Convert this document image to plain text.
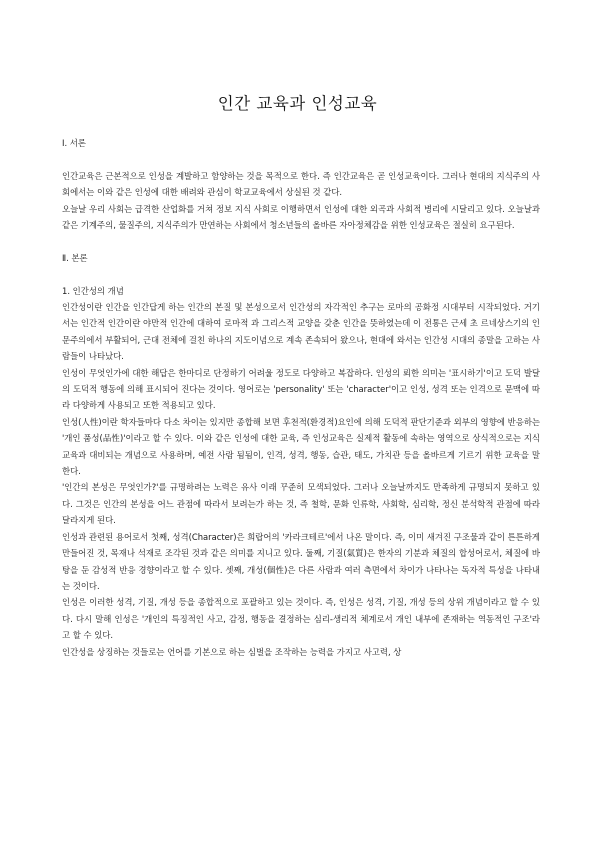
인간 교육과 인성교육

Ⅰ. 서론

인간교육은 근본적으로 인성을 계발하고 함양하는 것을 목적으로 한다. 즉 인간교육은 곧 인성교육이다. 그러나 현대의 지식주의 사회에서는 이와 같은 인성에 대한 배려와 관심이 학교교육에서 상실된 것 같다.

오늘날 우리 사회는 급격한 산업화를 거쳐 정보 지식 사회로 이행하면서 인성에 대한 외곡과 사회적 병리에 시달리고 있다. 오늘날과 같은 기계주의, 물질주의, 지식주의가 만연하는 사회에서 청소년들의 올바른 자아정체감을 위한 인성교육은 절실히 요구된다.

Ⅱ. 본론

1. 인간성의 개념

인간성이란 인간을 인간답게 하는 인간의 본질 및 본성으로서 인간성의 자각적인 추구는 로마의 공화정 시대부터 시작되었다. 거기서는 인간적 인간이란 야만적 인간에 대하여 로마적 과 그리스적 교양을 갖춘 인간을 뜻하였는데 이 전통은 근세 초 르네상스기의 인문주의에서 부활되어, 근대 전체에 걸친 하나의 지도이념으로 계속 존속되어 왔으나, 현대에 와서는 인간성 시대의 종말을 고하는 사람들이 나타났다.

인성이 무엇인가에 대한 해답은 한마디로 단정하기 어려울 정도로 다양하고 복잡하다. 인성의 뢰한 의미는 '표시하기'이고 도덕 발달의 도덕적 행동에 의해 표시되어 진다는 것이다. 영어로는 'personality' 또는 'character'이고 인성, 성격 또는 인격으로 문맥에 따라 다양하게 사용되고 또한 적용되고 있다.

인성(人性)이란 학자들마다 다소 차이는 있지만 종합해 보면 후천적(환경적)요인에 의해 도덕적 판단기준과 외부의 영향에 반응하는 '개인 품성(品性)'이라고 할 수 있다. 이와 같은 인성에 대한 교육, 즉 인성교육은 실제적 활동에 속하는 영역으로 상식적으로는 지식교육과 대비되는 개념으로 사용하며, 예전 사람 됨됨이, 인격, 성격, 행동, 습관, 태도, 가치관 등을 올바르게 기르기 위한 교육을 말한다.

'인간의 본성은 무엇인가?'를 규명하려는 노력은 유사 이래 꾸준히 모색되었다. 그러나 오늘날까지도 만족하게 규명되지 못하고 있다. 그것은 인간의 본성을 어느 관점에 따라서 보려는가 하는 것, 즉 철학, 문화 인류학, 사회학, 심리학, 정신 분석학적 관점에 따라 달라지게 된다.

인성과 관련된 용어로서 첫째, 성격(Character)은 희랍어의 '카라크테르'에서 나온 말이다. 즉, 이미 새겨진 구조물과 같이 튼튼하게 만들어진 것, 목재나 석재로 조각된 것과 같은 의미를 지니고 있다. 둘째, 기질(氣質)은 한자의 기분과 체질의 합성어로서, 체질에 바탕을 둔 감성적 반응 경향이라고 할 수 있다. 셋째, 개성(個性)은 다른 사람과 여러 측면에서 차이가 나타나는 독자적 특성을 나타내는 것이다.

인성은 이러한 성격, 기질, 개성 등을 종합적으로 포괄하고 있는 것이다. 즉, 인성은 성격, 기질, 개성 등의 상위 개념이라고 할 수 있다. 다시 말해 인성은 '개인의 특징적인 사고, 감정, 행동을 결정하는 심리-생리적 체계로서 개인 내부에 존재하는 역동적인 구조'라고 할 수 있다.

인간성을 상징하는 것들로는 언어를 기본으로 하는 심벌을 조작하는 능력을 가지고 사고력, 상
